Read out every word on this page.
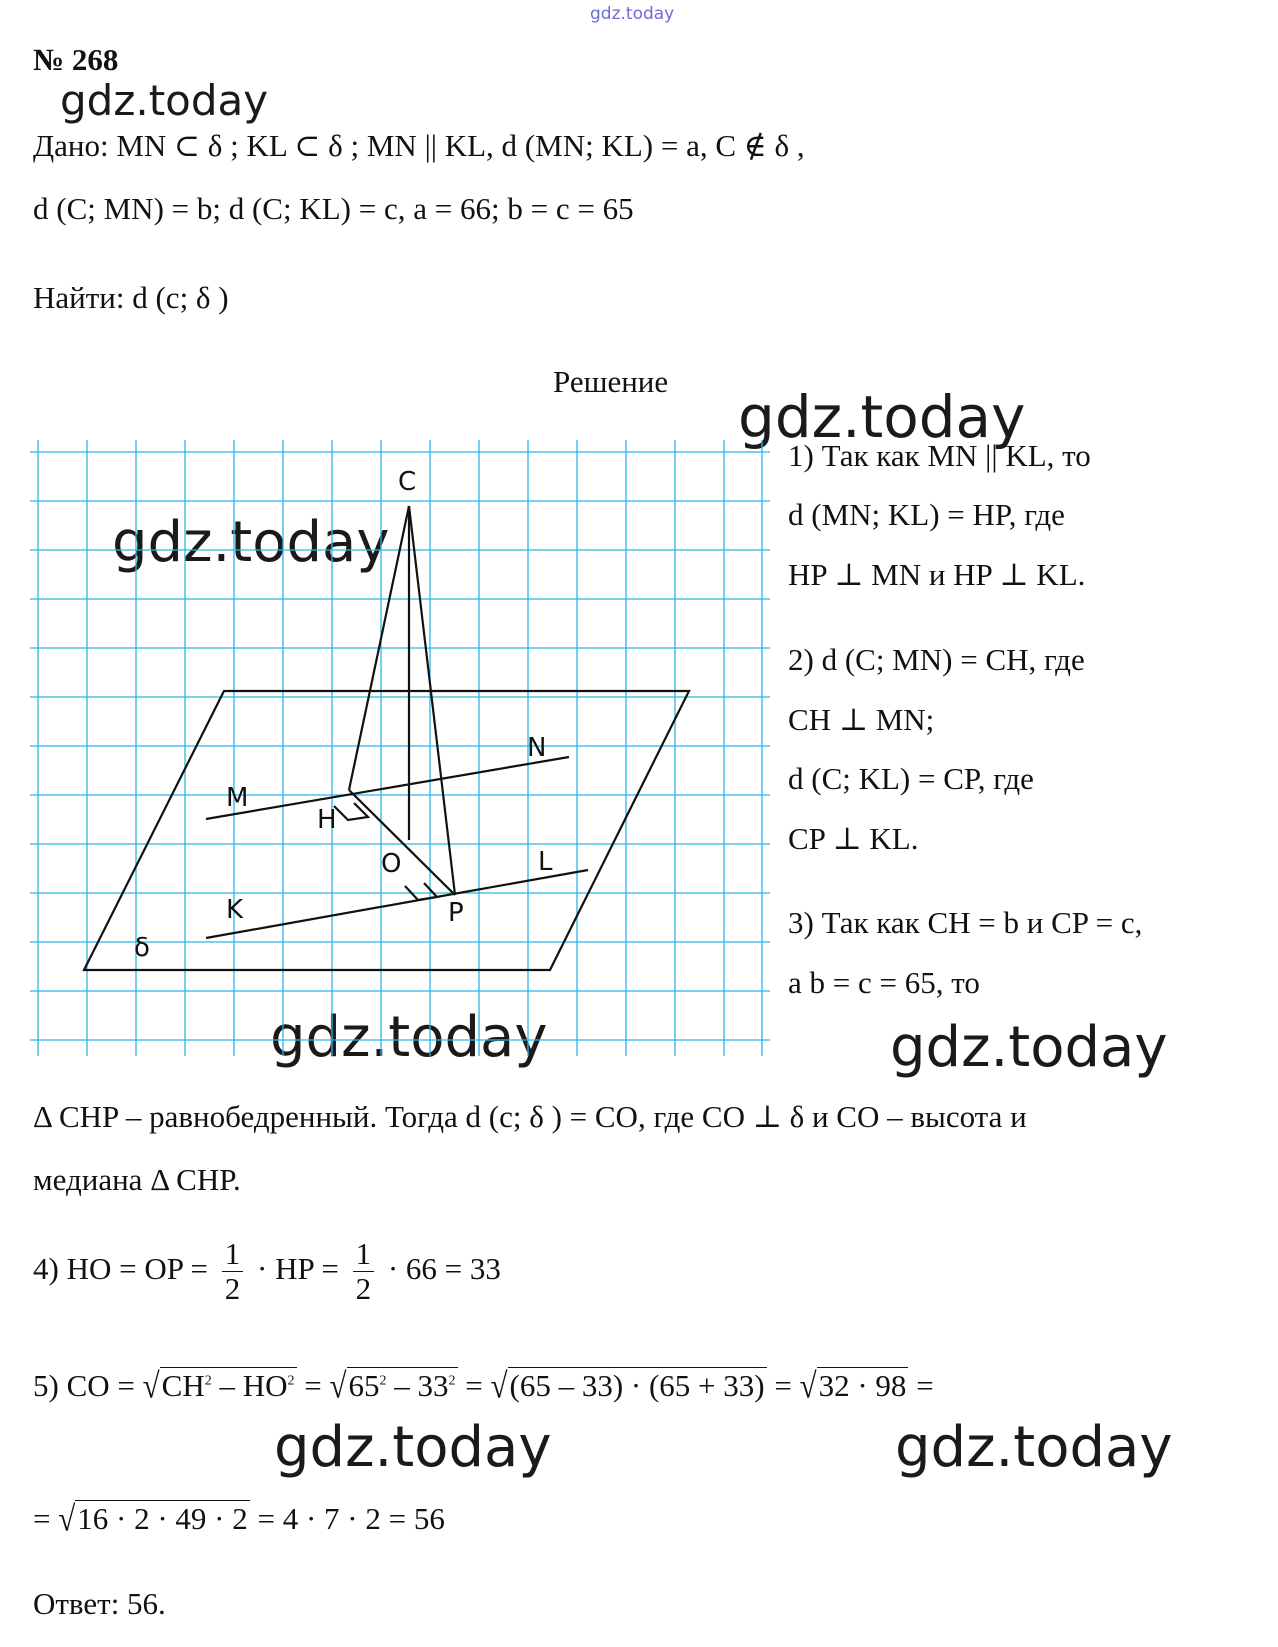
gdz.today
gdz.today
gdz.today
gdz.today
gdz.today	gdz.today
gdz.today	gdz.today
№ 268
Дано: MN ⊂ δ ; KL ⊂ δ ; MN || KL, d (MN; KL) = a, C ∉ δ ,
d (C; MN) = b; d (C; KL) = c, a = 66; b = c = 65
Найти: d (c; δ )
Решение
C
M
N
H
O	L
K	P
δ
1) Так как MN || KL, то
d (MN; KL) = HP, где
HP ⊥ MN и HP ⊥ KL.
2) d (C; MN) = CH, где
CH ⊥ MN;
d (C; KL) = CP, где
CP ⊥ KL.
3) Так как CH = b и CP = c,
a b = c = 65, то
Δ CHP – равнобедренный. Тогда d (c; δ ) = CO, где CO ⊥ δ и CO – высота и
медиана Δ CHP.
4) HO = OP = $\frac{1}{2}$ · HP = $\frac{1}{2} \cdot 66 = 33$
5) CO = $√CH^2 - HO^2 = √65^2 - 33^2 = √(65 - 33) \cdot (65 + 33) = √32 \cdot 98$ =
= √16 · 2 · 49 · 2 = 4 · 7 · 2 = 56
Ответ: 56.
